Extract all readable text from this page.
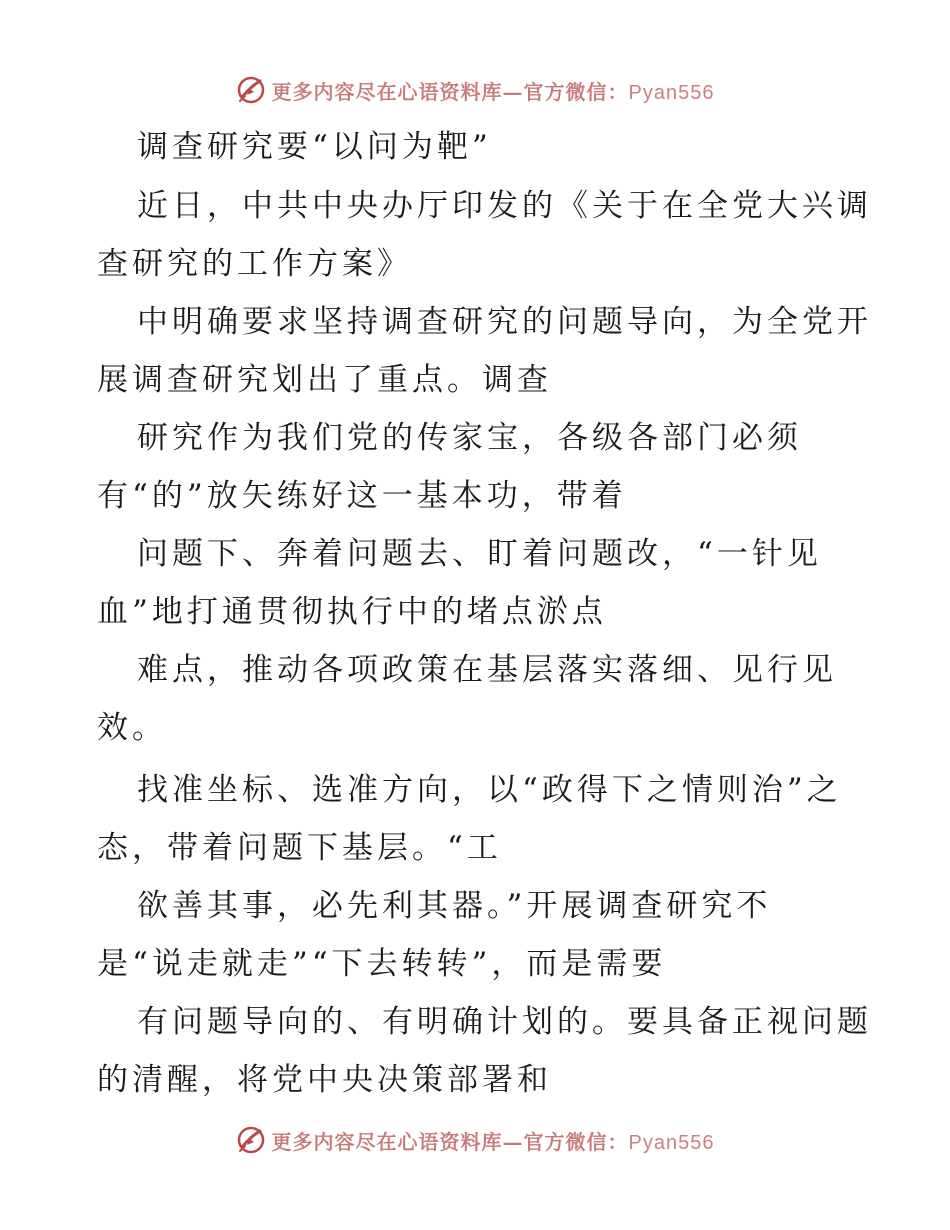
更多内容尽在心语资料库—官方微信：Pyan556
调查研究要“以问为靶”
近日，中共中央办厅印发的《关于在全党大兴调
查研究的工作方案》
中明确要求坚持调查研究的问题导向，为全党开
展调查研究划出了重点。调查
研究作为我们党的传家宝，各级各部门必须
有“的”放矢练好这一基本功，带着
问题下、奔着问题去、盯着问题改，“一针见
血”地打通贯彻执行中的堵点淤点
难点，推动各项政策在基层落实落细、见行见
效。
找准坐标、选准方向，以“政得下之情则治”之
态，带着问题下基层。“工
欲善其事，必先利其器。”开展调查研究不
是“说走就走”“下去转转”，而是需要
有问题导向的、有明确计划的。要具备正视问题
的清醒，将党中央决策部署和
更多内容尽在心语资料库—官方微信：Pyan556
